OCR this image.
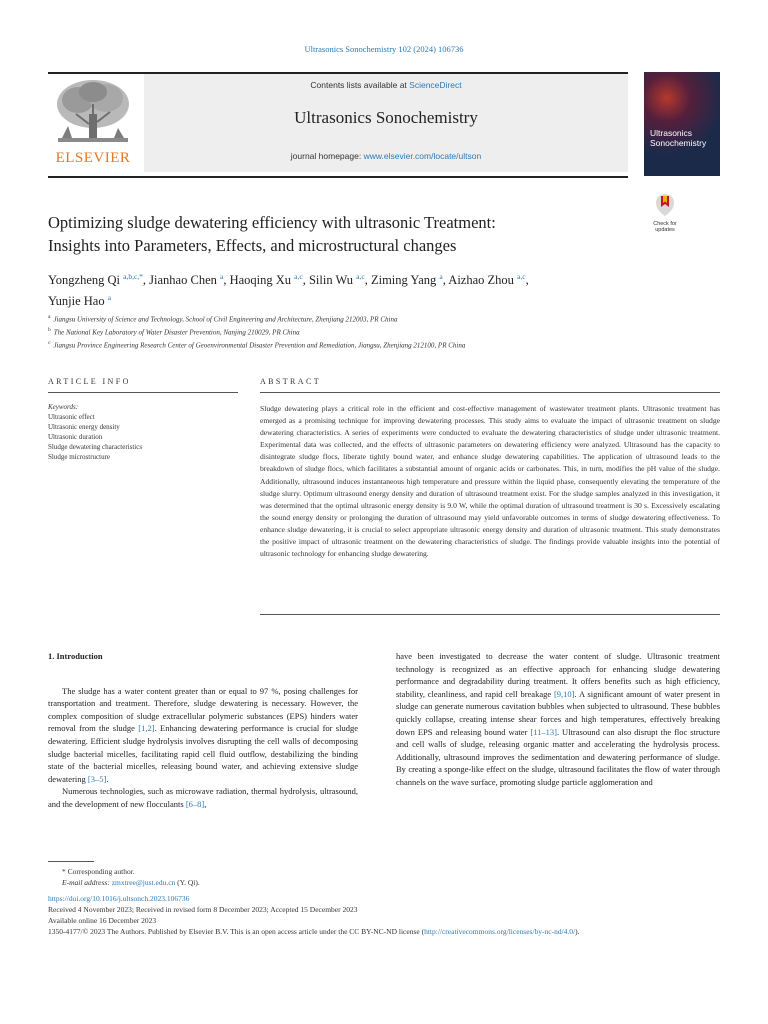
Ultrasonics Sonochemistry 102 (2024) 106736
ELSEVIER
Contents lists available at ScienceDirect
Ultrasonics Sonochemistry
journal homepage: www.elsevier.com/locate/ultson
Ultrasonics
Sonochemistry
Check for
updates
Optimizing sludge dewatering efficiency with ultrasonic Treatment:
Insights into Parameters, Effects, and microstructural changes
Yongzheng Qi $^{a,b,c,*}$, Jianhao Chen $^a$, Haoqing Xu $^{a,c}$, Silin Wu $^{a,c}$, Ziming Yang $^a$, Aizhao Zhou $^{a,c}$,
Yunjie Hao $^a$
$^a$ Jiangsu University of Science and Technology, School of Civil Engineering and Architecture, Zhenjiang 212003, PR China
$^b$ The National Key Laboratory of Water Disaster Prevention, Nanjing 210029, PR China
$^c$ Jiangsu Province Engineering Research Center of Geoenvironmental Disaster Prevention and Remediation, Jiangsu, Zhenjiang 212100, PR China
ARTICLE INFO	ABSTRACT
Keywords:
Ultrasonic effect
Ultrasonic energy density
Ultrasonic duration
Sludge dewatering characteristics
Sludge microstructure
Sludge dewatering plays a critical role in the efficient and cost-effective management of wastewater treatment plants. Ultrasonic treatment has emerged as a promising technique for improving dewatering processes. This study aims to evaluate the impact of ultrasonic treatment on sludge dewatering characteristics. A series of experiments were conducted to evaluate the dewatering characteristics of sludge under ultrasonic treatment. Experimental data was collected, and the effects of ultrasonic parameters on dewatering efficiency were analyzed. Ultrasound has the capacity to disintegrate sludge flocs, liberate tightly bound water, and enhance sludge dewatering capabilities. The application of ultrasound leads to the breakdown of sludge flocs, which facilitates a substantial amount of organic acids or carbonates. This, in turn, modifies the pH value of the sludge. Additionally, ultrasound induces instantaneous high temperature and pressure within the liquid phase, consequently elevating the temperature of the sludge slurry. Optimum ultrasound energy density and duration of ultrasound treatment exist. For the sludge samples analyzed in this investigation, it was determined that the optimal ultrasonic energy density is 9.0 W, while the optimal duration of ultrasound treatment is 30 s. Excessively escalating the sound energy density or prolonging the duration of ultrasound may yield unfavorable outcomes in terms of sludge dewatering effectiveness. To enhance sludge dewatering, it is crucial to select appropriate ultrasonic energy density and duration of ultrasonic treatment. This study demonstrates the positive impact of ultrasonic treatment on the dewatering characteristics of sludge. The findings provide valuable insights into the potential of ultrasonic technology for enhancing sludge dewatering.
1. Introduction

The sludge has a water content greater than or equal to 97 %, posing challenges for transportation and treatment. Therefore, sludge dewatering is necessary. However, the complex composition of sludge extracellular polymeric substances (EPS) hinders water removal from the sludge [1,2]. Enhancing dewatering performance is crucial for sludge dewatering. Efficient sludge hydrolysis involves disrupting the cell walls of decomposing sludge bacterial micelles, facilitating rapid cell fluid outflow, destabilizing the binding state of the bacterial micelles, releasing bound water, and achieving extensive sludge dewatering [3–5].

Numerous technologies, such as microwave radiation, thermal hydrolysis, ultrasound, and the development of new flocculants [6–8],

have been investigated to decrease the water content of sludge. Ultrasonic treatment technology is recognized as an effective approach for enhancing sludge dewatering performance and degradability during treatment. It offers benefits such as high efficiency, stability, cleanliness, and rapid cell breakage [9,10]. A significant amount of water present in sludge can generate numerous cavitation bubbles when subjected to ultrasound. These bubbles quickly collapse, creating intense shear forces and high temperatures, effectively breaking down EPS and releasing bound water [11–13]. Ultrasound can also disrupt the floc structure and cell walls of sludge, releasing organic matter and accelerating the hydrolysis process. Additionally, ultrasound improves the sedimentation and dewatering performance of sludge. By creating a sponge-like effect on the sludge, ultrasound facilitates the flow of water through channels on the wave surface, promoting sludge particle agglomeration and

* Corresponding author.
E-mail address: zmxtree@just.edu.cn (Y. Qi).
https://doi.org/10.1016/j.ultsonch.2023.106736
Received 4 November 2023; Received in revised form 8 December 2023; Accepted 15 December 2023
Available online 16 December 2023
1350-4177/© 2023 The Authors. Published by Elsevier B.V. This is an open access article under the CC BY-NC-ND license (http://creativecommons.org/licenses/by-nc-nd/4.0/).
